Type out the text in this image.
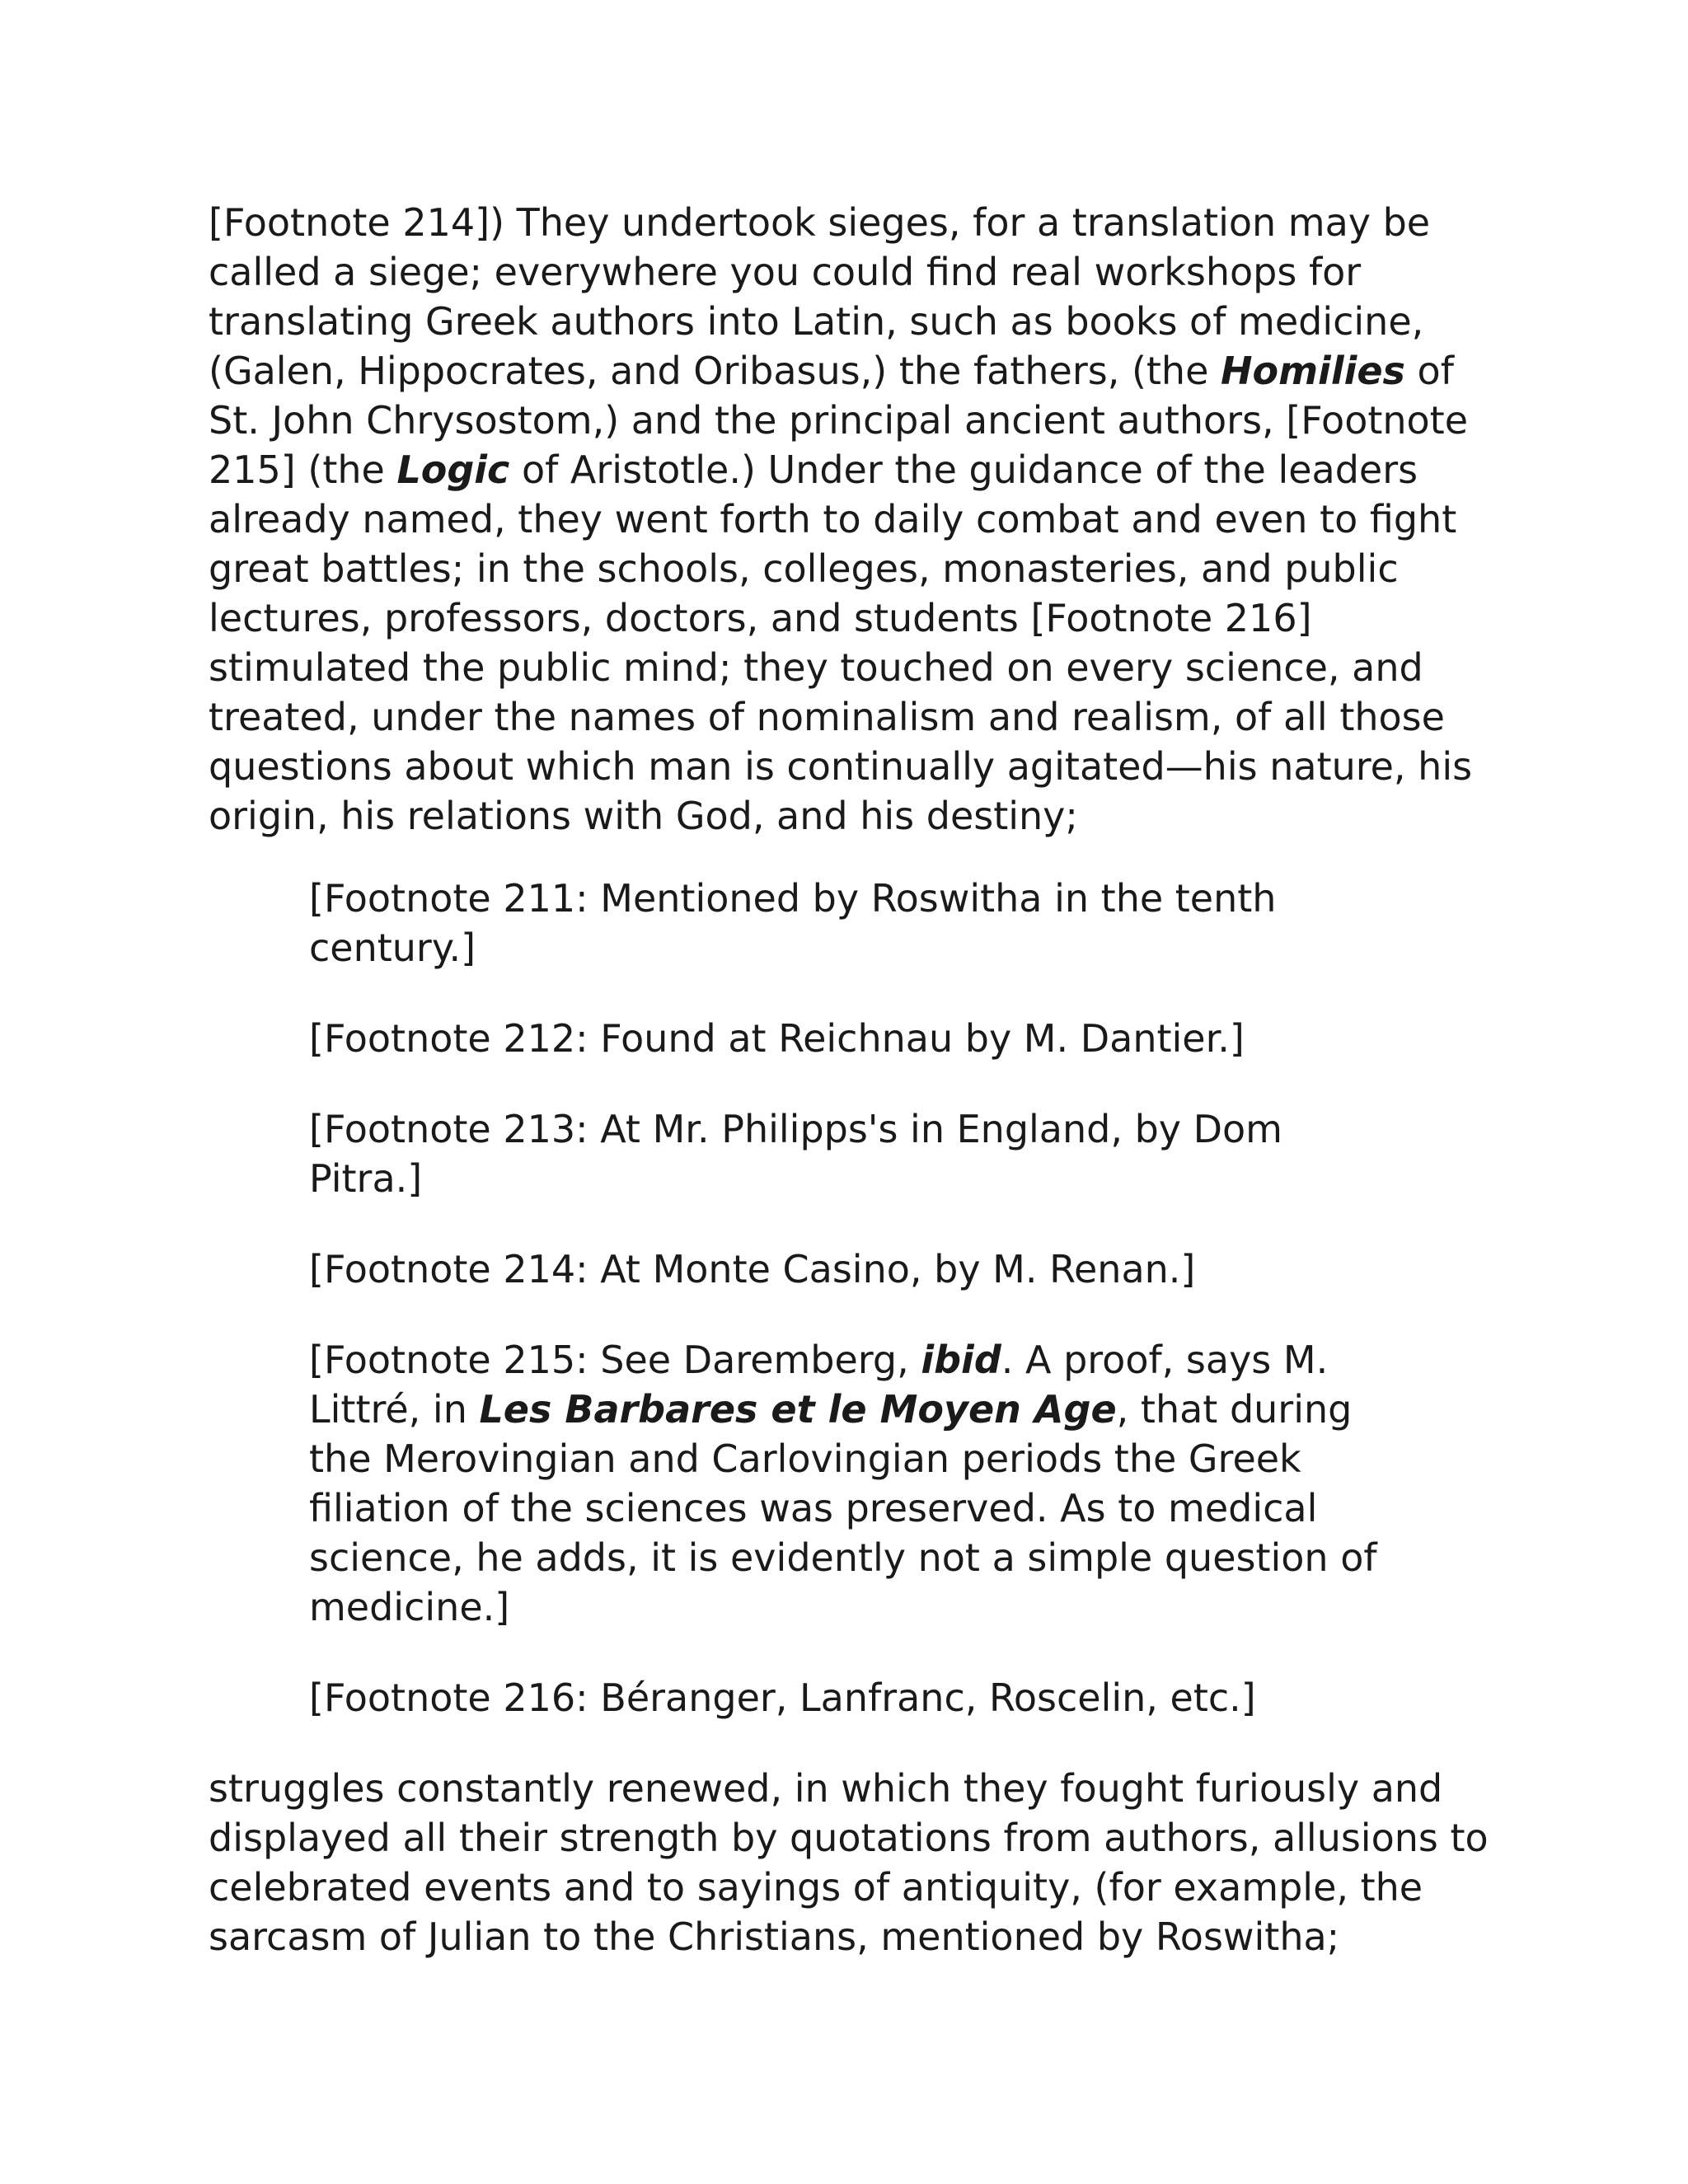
[Footnote 214]) They undertook sieges, for a translation may be
called a siege; everywhere you could find real workshops for
translating Greek authors into Latin, such as books of medicine,
(Galen, Hippocrates, and Oribasus,) the fathers, (the Homilies of
St. John Chrysostom,) and the principal ancient authors, [Footnote
215] (the Logic of Aristotle.) Under the guidance of the leaders
already named, they went forth to daily combat and even to fight
great battles; in the schools, colleges, monasteries, and public
lectures, professors, doctors, and students [Footnote 216]
stimulated the public mind; they touched on every science, and
treated, under the names of nominalism and realism, of all those
questions about which man is continually agitated—his nature, his
origin, his relations with God, and his destiny;

[Footnote 211: Mentioned by Roswitha in the tenth
century.]

[Footnote 212: Found at Reichnau by M. Dantier.]

[Footnote 213: At Mr. Philipps's in England, by Dom
Pitra.]

[Footnote 214: At Monte Casino, by M. Renan.]

[Footnote 215: See Daremberg, ibid. A proof, says M.
Littré, in Les Barbares et le Moyen Age, that during
the Merovingian and Carlovingian periods the Greek
filiation of the sciences was preserved. As to medical
science, he adds, it is evidently not a simple question of
medicine.]

[Footnote 216: Béranger, Lanfranc, Roscelin, etc.]

struggles constantly renewed, in which they fought furiously and
displayed all their strength by quotations from authors, allusions to
celebrated events and to sayings of antiquity, (for example, the
sarcasm of Julian to the Christians, mentioned by Roswitha;
